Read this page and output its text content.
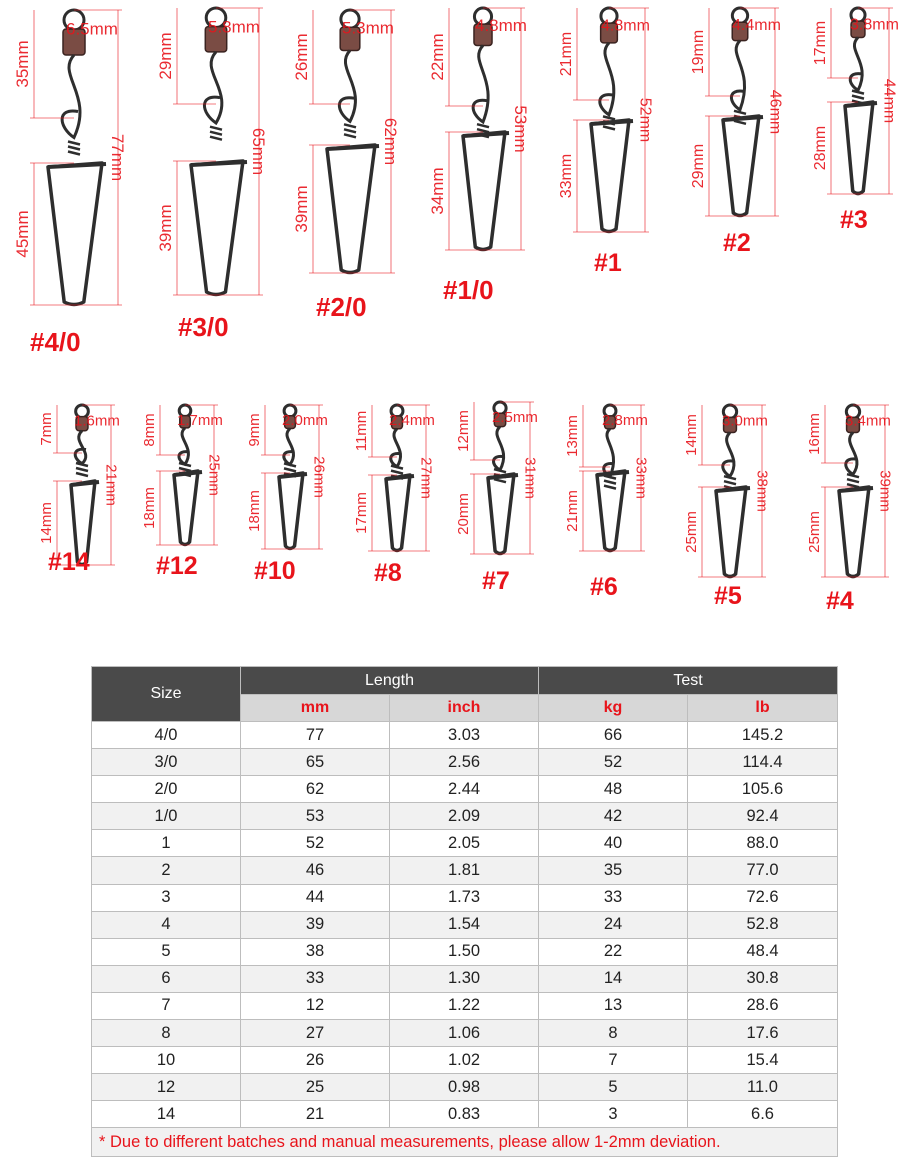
6.5mm
35mm
77mm
45mm
5.8mm
29mm
65mm
39mm
5.3mm
26mm
62mm
39mm
4.8mm
22mm
53mm
34mm
4.8mm
21mm
52mm
33mm
4.4mm
19mm
46mm
29mm
3.8mm
17mm
44mm
28mm
1.6mm
7mm
21mm
14mm
1.7mm
8mm
25mm
18mm
2.0mm
9mm
26mm
18mm
2.4mm
11mm
27mm
17mm
2.5mm
12mm
31mm
20mm
2.8mm
13mm
33mm
21mm
3.0mm
14mm
38mm
25mm
3.4mm
16mm
39mm
25mm
#4/0	#3/0
#2/0
#1/0
#1
#2
#3
#14	#12 #10	#8	#7	#6	#5	#4
Size	Length		Test	
	mm	inch	kg	lb
4/0	77	3.03	66	145.2
3/0	65	2.56	52	114.4
2/0	62	2.44	48	105.6
1/0	53	2.09	42	92.4
1	52	2.05	40	88.0
2	46	1.81	35	77.0
3	44	1.73	33	72.6
4	39	1.54	24	52.8
5	38	1.50	22	48.4
6	33	1.30	14	30.8
7	12	1.22	13	28.6
8	27	1.06	8	17.6
10	26	1.02	7	15.4
12	25	0.98	5	11.0
14	21	0.83	3	6.6
* Due to different batches and manual measurements, please allow 1-2mm deviation.				
